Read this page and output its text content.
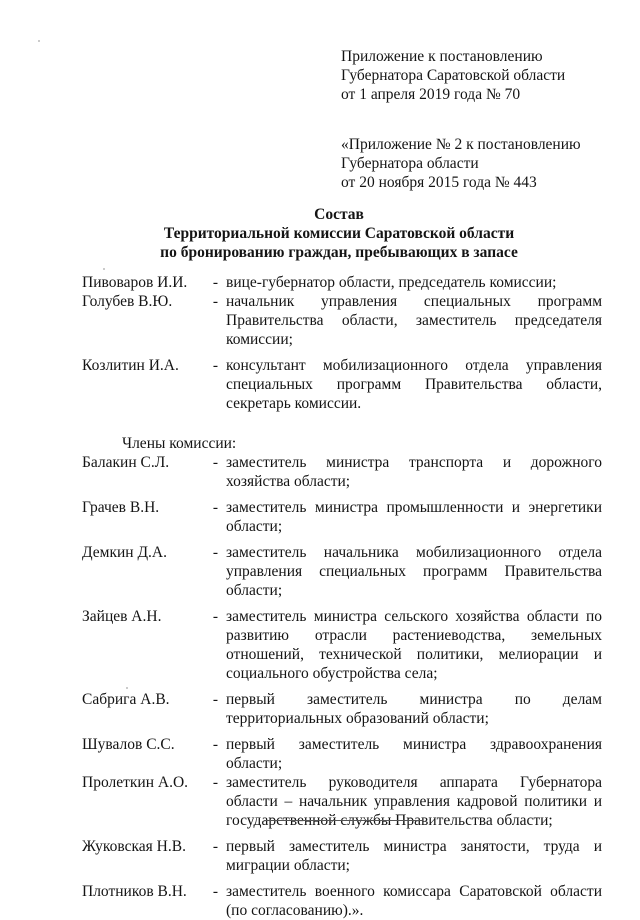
Приложение к постановлению
Губернатора Саратовской области
от 1 апреля 2019 года № 70
«Приложение № 2 к постановлению
Губернатора области
от 20 ноября 2015 года № 443
Состав
Территориальной комиссии Саратовской области
по бронированию граждан, пребывающих в запасе
Пивоваров И.И.	- вице-губернатор области, председатель комиссии;
Голубев В.Ю.	- начальник управления специальных программ Правительства области, заместитель председателя комиссии;
Козлитин И.А.	- консультант мобилизационного отдела управления специальных программ Правительства области, секретарь комиссии.
Члены комиссии:
Балакин С.Л.	- заместитель министра транспорта и дорожного хозяйства области;
Грачев В.Н.	- заместитель министра промышленности и энергетики области;
Демкин Д.А.	- заместитель начальника мобилизационного отдела управления специальных программ Правительства области;
Зайцев А.Н.	- заместитель министра сельского хозяйства области по развитию отрасли растениеводства, земельных отношений, технической политики, мелиорации и социального обустройства села;
Сабрига А.В.	- первый заместитель министра по делам территориальных образований области;
Шувалов С.С.	- первый заместитель министра здравоохранения области;
Пролеткин А.О.	- заместитель руководителя аппарата Губернатора области – начальник управления кадровой политики и государственной службы Правительства области;
Жуковская Н.В.	- первый заместитель министра занятости, труда и миграции области;
Плотников В.Н.	- заместитель военного комиссара Саратовской области (по согласованию).».
